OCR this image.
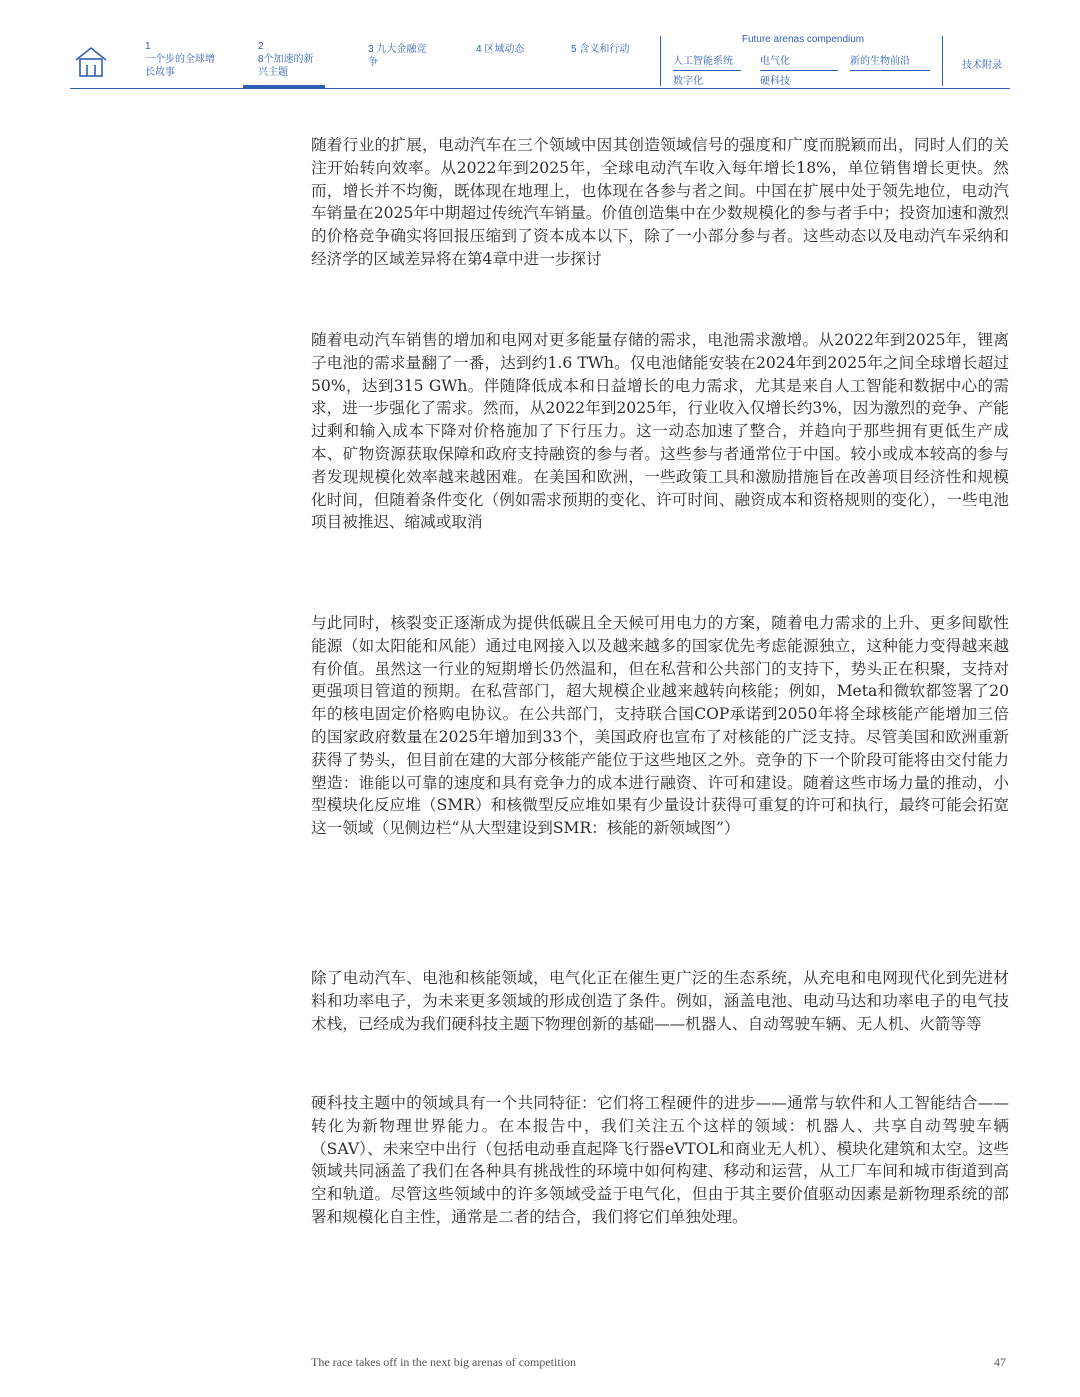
1
一个步的全球增长故事
2
8个加速的新兴主题
3 九大金融竞争
4 区域动态	5 含义和行动
Future arenas compendium
人工智能系统	电气化	新的生物前沿
数字化	硬科技
技术附录

随着行业的扩展，电动汽车在三个领域中因其创造领域信号的强度和广度而脱颖而出，同时人们的关注开始转向效率。从2022年到2025年，全球电动汽车收入每年增长18%，单位销售增长更快。然而，增长并不均衡，既体现在地理上，也体现在各参与者之间。中国在扩展中处于领先地位，电动汽车销量在2025年中期超过传统汽车销量。价值创造集中在少数规模化的参与者手中；投资加速和激烈的价格竞争确实将回报压缩到了资本成本以下，除了一小部分参与者。这些动态以及电动汽车采纳和经济学的区域差异将在第4章中进一步探讨

随着电动汽车销售的增加和电网对更多能量存储的需求，电池需求激增。从2022年到2025年，锂离子电池的需求量翻了一番，达到约1.6 TWh。仅电池储能安装在2024年到2025年之间全球增长超过50%，达到315 GWh。伴随降低成本和日益增长的电力需求，尤其是来自人工智能和数据中心的需求，进一步强化了需求。然而，从2022年到2025年，行业收入仅增长约3%，因为激烈的竞争、产能过剩和输入成本下降对价格施加了下行压力。这一动态加速了整合，并趋向于那些拥有更低生产成本、矿物资源获取保障和政府支持融资的参与者。这些参与者通常位于中国。较小或成本较高的参与者发现规模化效率越来越困难。在美国和欧洲，一些政策工具和激励措施旨在改善项目经济性和规模化时间，但随着条件变化（例如需求预期的变化、许可时间、融资成本和资格规则的变化），一些电池项目被推迟、缩减或取消

与此同时，核裂变正逐渐成为提供低碳且全天候可用电力的方案，随着电力需求的上升、更多间歇性能源（如太阳能和风能）通过电网接入以及越来越多的国家优先考虑能源独立，这种能力变得越来越有价值。虽然这一行业的短期增长仍然温和，但在私营和公共部门的支持下，势头正在积聚，支持对更强项目管道的预期。在私营部门，超大规模企业越来越转向核能；例如，Meta和微软都签署了20年的核电固定价格购电协议。在公共部门，支持联合国COP承诺到2050年将全球核能产能增加三倍的国家政府数量在2025年增加到33个，美国政府也宣布了对核能的广泛支持。尽管美国和欧洲重新获得了势头，但目前在建的大部分核能产能位于这些地区之外。竞争的下一个阶段可能将由交付能力塑造：谁能以可靠的速度和具有竞争力的成本进行融资、许可和建设。随着这些市场力量的推动，小型模块化反应堆（SMR）和核微型反应堆如果有少量设计获得可重复的许可和执行，最终可能会拓宽这一领域（见侧边栏“从大型建设到SMR：核能的新领域图”）

除了电动汽车、电池和核能领域，电气化正在催生更广泛的生态系统，从充电和电网现代化到先进材料和功率电子，为未来更多领域的形成创造了条件。例如，涵盖电池、电动马达和功率电子的电气技术栈，已经成为我们硬科技主题下物理创新的基础——机器人、自动驾驶车辆、无人机、火箭等等

硬科技主题中的领域具有一个共同特征：它们将工程硬件的进步——通常与软件和人工智能结合——转化为新物理世界能力。在本报告中，我们关注五个这样的领域：机器人、共享自动驾驶车辆（SAV）、未来空中出行（包括电动垂直起降飞行器eVTOL和商业无人机）、模块化建筑和太空。这些领域共同涵盖了我们在各种具有挑战性的环境中如何构建、移动和运营，从工厂车间和城市街道到高空和轨道。尽管这些领域中的许多领域受益于电气化，但由于其主要价值驱动因素是新物理系统的部署和规模化自主性，通常是二者的结合，我们将它们单独处理。

The race takes off in the next big arenas of competition	47
